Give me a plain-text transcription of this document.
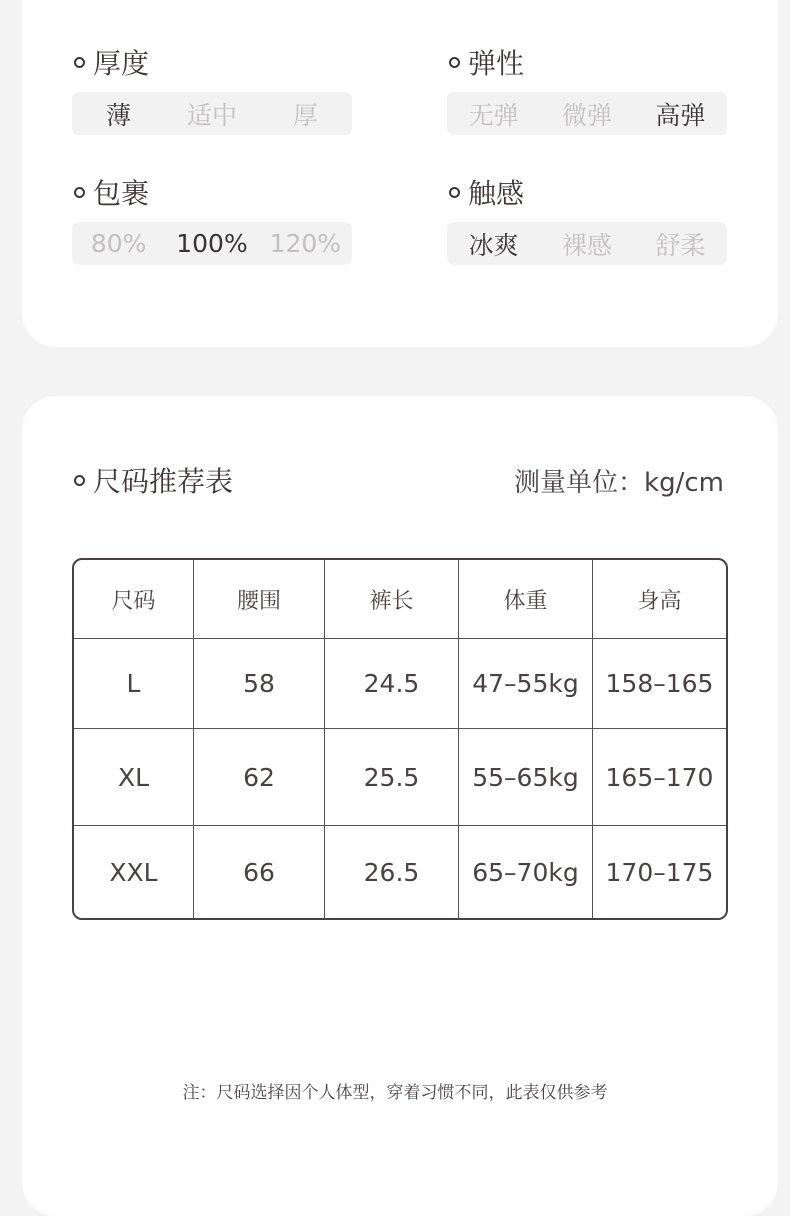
厚度
薄	适中	厚
弹性
无弹	微弹	高弹
包裹
80%	100% 120%
触感
冰爽	裸感	舒柔
尺码推荐表	测量单位：kg/cm
尺码	腰围	裤长	体重	身高
L	58	24.5	47–55kg	158–165
XL	62	25.5	55–65kg	165–170
XXL	66	26.5	65–70kg	170–175
注：尺码选择因个人体型，穿着习惯不同，此表仅供参考
